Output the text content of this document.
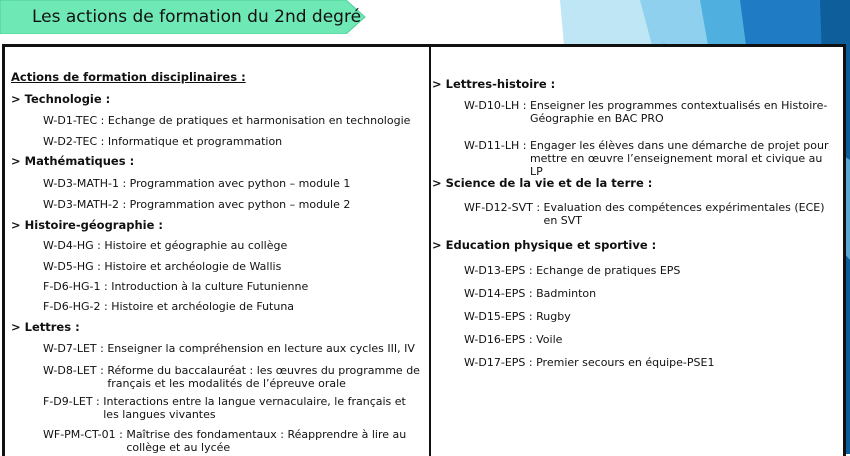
Les actions de formation du 2nd degré
Actions de formation disciplinaires :
> Technologie :
W-D1-TEC : Echange de pratiques et harmonisation en technologie
W-D2-TEC : Informatique et programmation
> Mathématiques :
W-D3-MATH-1 : Programmation avec python – module 1
W-D3-MATH-2 : Programmation avec python – module 2
> Histoire-géographie :
W-D4-HG : Histoire et géographie au collège
W-D5-HG : Histoire et archéologie de Wallis
F-D6-HG-1 : Introduction à la culture Futunienne
F-D6-HG-2 : Histoire et archéologie de Futuna
> Lettres :
W-D7-LET : Enseigner la compréhension en lecture aux cycles III, IV
W-D8-LET : Réforme du baccalauréat : les œuvres du programme de français et les modalités de l’épreuve orale
F-D9-LET : Interactions entre la langue vernaculaire, le français et les langues vivantes
WF-PM-CT-01 : Maîtrise des fondamentaux : Réapprendre à lire au collège et au lycée
> Lettres-histoire :
W-D10-LH : Enseigner les programmes contextualisés en Histoire-Géographie en BAC PRO
W-D11-LH : Engager les élèves dans une démarche de projet pour mettre en œuvre l’enseignement moral et civique au LP
> Science de la vie et de la terre :
WF-D12-SVT : Evaluation des compétences expérimentales (ECE) en SVT
> Education physique et sportive :
W-D13-EPS : Echange de pratiques EPS
W-D14-EPS : Badminton
W-D15-EPS : Rugby
W-D16-EPS : Voile
W-D17-EPS : Premier secours en équipe-PSE1
